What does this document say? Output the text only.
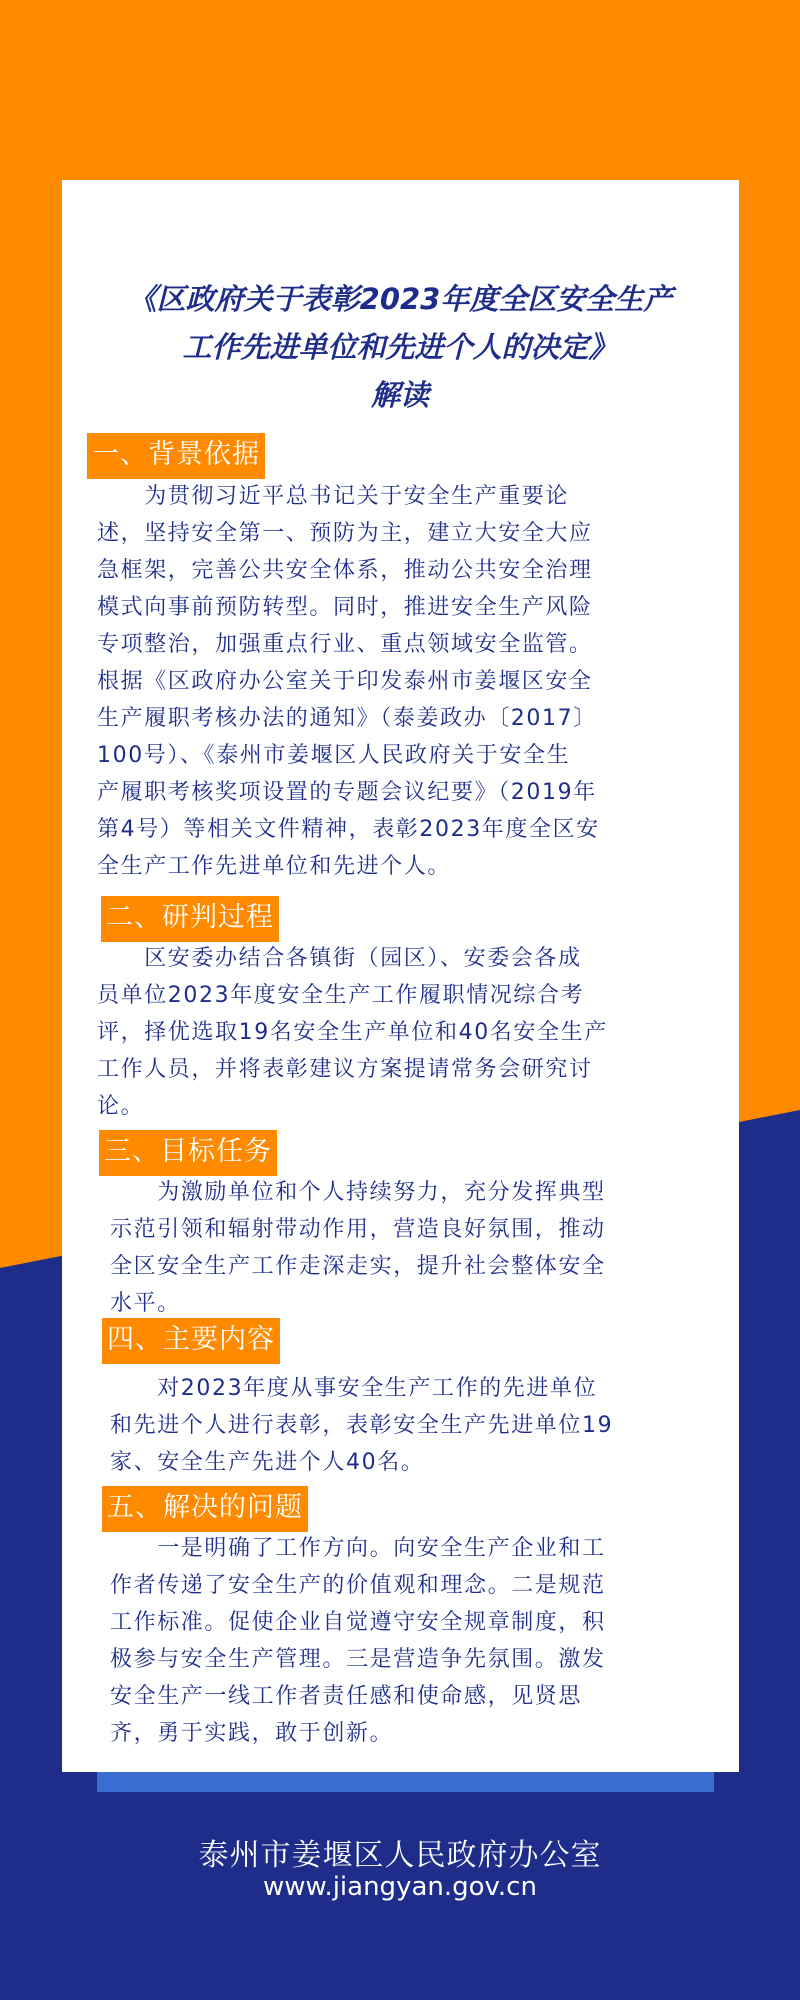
《区政府关于表彰2023年度全区安全生产
工作先进单位和先进个人的决定》
解读
一、背景依据
　　为贯彻习近平总书记关于安全生产重要论
述，坚持安全第一、预防为主，建立大安全大应
急框架，完善公共安全体系，推动公共安全治理
模式向事前预防转型。同时，推进安全生产风险
专项整治，加强重点行业、重点领域安全监管。
根据《区政府办公室关于印发泰州市姜堰区安全
生产履职考核办法的通知》（泰姜政办〔2017〕
100号）、《泰州市姜堰区人民政府关于安全生
产履职考核奖项设置的专题会议纪要》（2019年
第4号）等相关文件精神，表彰2023年度全区安
全生产工作先进单位和先进个人。
二、研判过程
　　区安委办结合各镇街（园区）、安委会各成
员单位2023年度安全生产工作履职情况综合考
评，择优选取19名安全生产单位和40名安全生产
工作人员，并将表彰建议方案提请常务会研究讨
论。
三、目标任务
　　为激励单位和个人持续努力，充分发挥典型
示范引领和辐射带动作用，营造良好氛围，推动
全区安全生产工作走深走实，提升社会整体安全
水平。
四、主要内容
　　对2023年度从事安全生产工作的先进单位
和先进个人进行表彰，表彰安全生产先进单位19
家、安全生产先进个人40名。
五、解决的问题
　　一是明确了工作方向。向安全生产企业和工
作者传递了安全生产的价值观和理念。二是规范
工作标准。促使企业自觉遵守安全规章制度，积
极参与安全生产管理。三是营造争先氛围。激发
安全生产一线工作者责任感和使命感，见贤思
齐，勇于实践，敢于创新。
泰州市姜堰区人民政府办公室
www.jiangyan.gov.cn
